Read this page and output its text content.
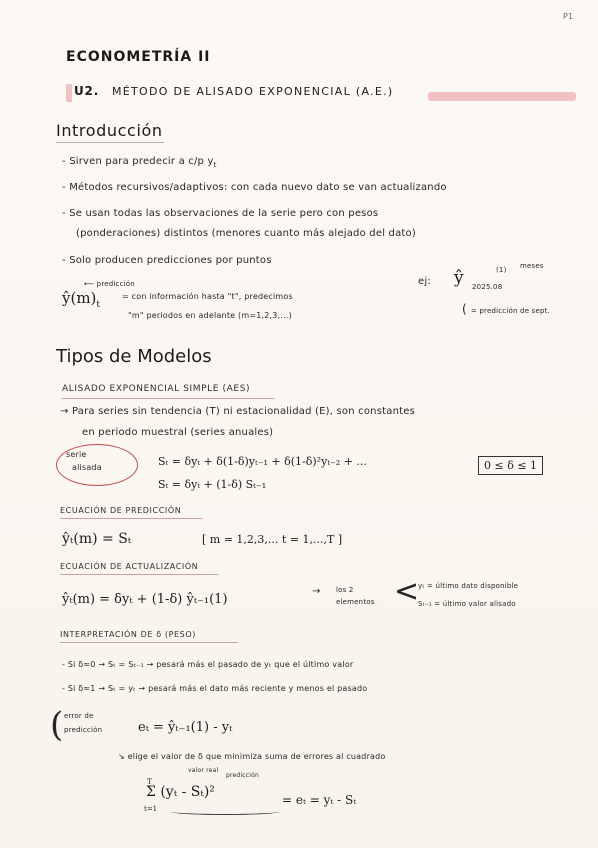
P1
ECONOMETRÍA II
U2. MÉTODO DE ALISADO EXPONENCIAL (A.E.)
Introducción
- Sirven para predecir a c/p $y_t$
- Métodos recursivos/adaptivos: con cada nuevo dato se van actualizando
- Se usan todas las observaciones de la serie pero con pesos
(ponderaciones) distintos (menores cuanto más alejado del dato)
- Solo producen predicciones por puntos
⟵ predicción
$ŷ(m)_t$
= con información hasta "t", predecimos
"m" periodos en adelante (m=1,2,3,...)
ej: ŷ	(1) meses
2025.08
( = predicción de sept.
Tipos de Modelos
ALISADO EXPONENCIAL SIMPLE (AES)
→ Para series sin tendencia (T) ni estacionalidad (E), son constantes
en periodo muestral (series anuales)
serie
alisada	Sₜ = δyₜ + δ(1-δ)yₜ₋₁ + δ(1-δ)²yₜ₋₂ + ...
Sₜ = δyₜ + (1-δ) Sₜ₋₁
0 ≤ δ ≤ 1
ECUACIÓN DE PREDICCIÓN
ŷₜ(m) = Sₜ	[ m = 1,2,3,... t = 1,...,T ]
ECUACIÓN DE ACTUALIZACIÓN
ŷₜ(m) = δyₜ + (1-δ) ŷₜ₋₁(1)
→ los 2
elementos <
yₜ = último dato disponible
Sₜ₋₁ = último valor alisado
INTERPRETACIÓN DE δ (PESO)
- Si δ≈0 → Sₜ = Sₜ₋₁ → pesará más el pasado de yₜ que el último valor
- Si δ≈1 → Sₜ = yₜ → pesará más el dato más reciente y menos el pasado
( error de
predicción	eₜ = ŷₜ₋₁(1) - yₜ
↘ elige el valor de δ que minimiza suma de errores al cuadrado
valor real
predicción
T
Σ (yₜ - Sₜ)²
t=1
= eₜ = yₜ - Sₜ
